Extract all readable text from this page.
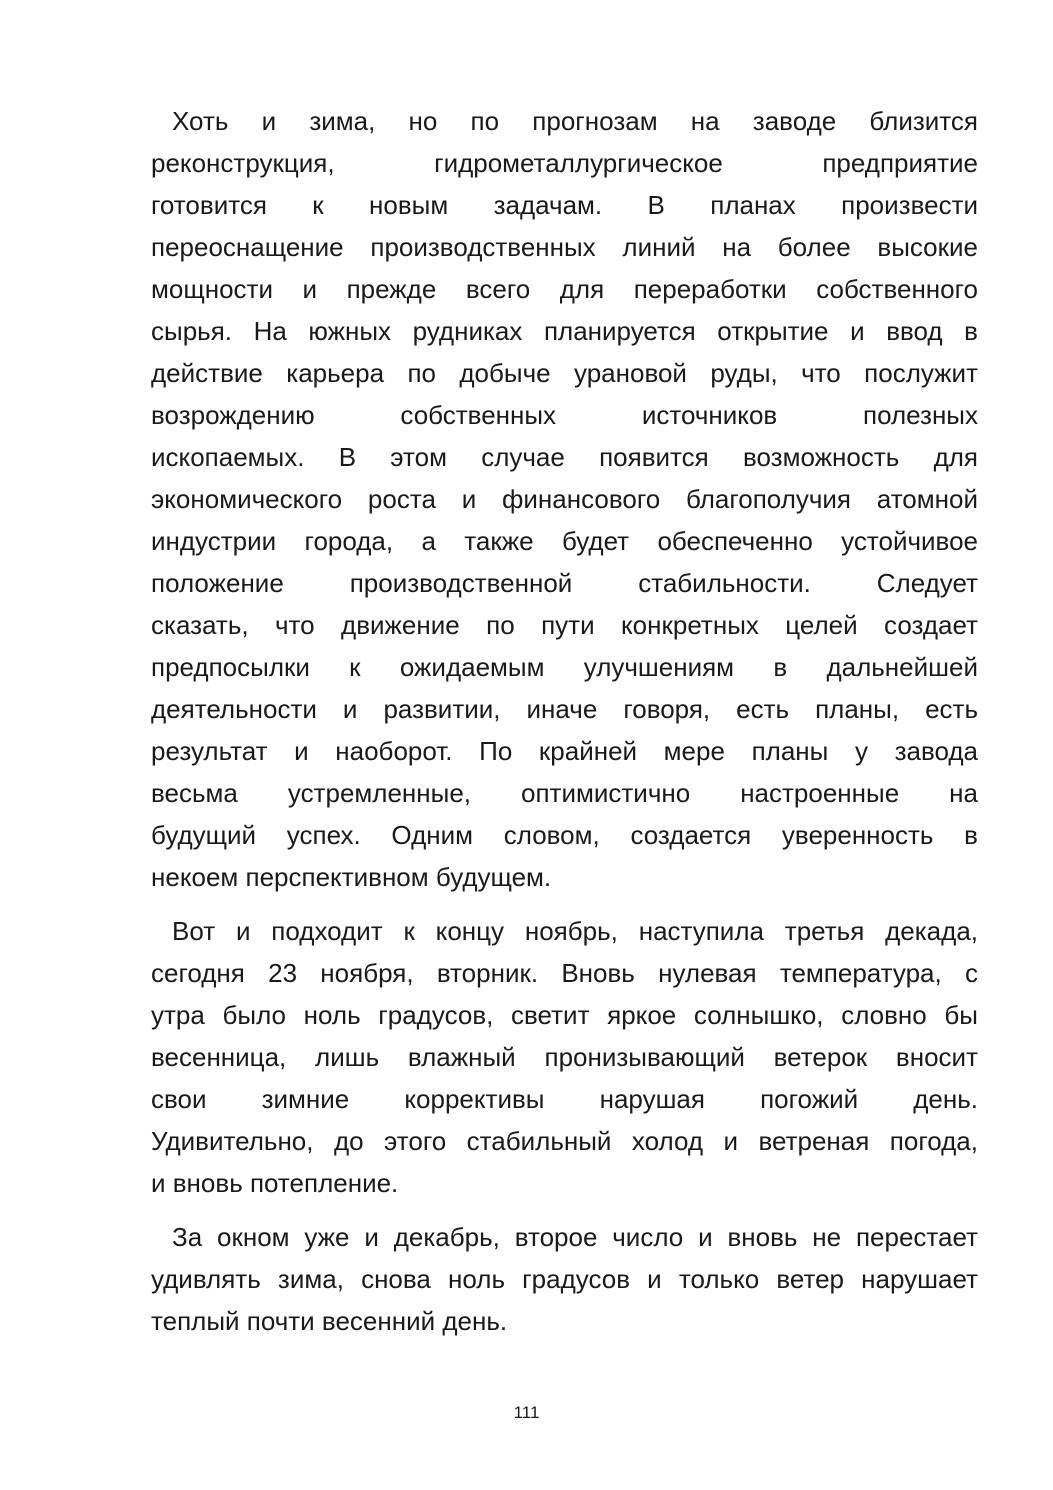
Хоть и зима, но по прогнозам на заводе близится
реконструкция, гидрометаллургическое предприятие
готовится к новым задачам. В планах произвести
переоснащение производственных линий на более высокие
мощности и прежде всего для переработки собственного
сырья. На южных рудниках планируется открытие и ввод в
действие карьера по добыче урановой руды, что послужит
возрождению собственных источников полезных
ископаемых. В этом случае появится возможность для
экономического роста и финансового благополучия атомной
индустрии города, а также будет обеспеченно устойчивое
положение производственной стабильности. Следует
сказать, что движение по пути конкретных целей создает
предпосылки к ожидаемым улучшениям в дальнейшей
деятельности и развитии, иначе говоря, есть планы, есть
результат и наоборот. По крайней мере планы у завода
весьма устремленные, оптимистично настроенные на
будущий успех. Одним словом, создается уверенность в
некоем перспективном будущем.
Вот и подходит к концу ноябрь, наступила третья декада,
сегодня 23 ноября, вторник. Вновь нулевая температура, с
утра было ноль градусов, светит яркое солнышко, словно бы
весенница, лишь влажный пронизывающий ветерок вносит
свои зимние коррективы нарушая погожий день.
Удивительно, до этого стабильный холод и ветреная погода,
и вновь потепление.
За окном уже и декабрь, второе число и вновь не перестает
удивлять зима, снова ноль градусов и только ветер нарушает
теплый почти весенний день.
111
